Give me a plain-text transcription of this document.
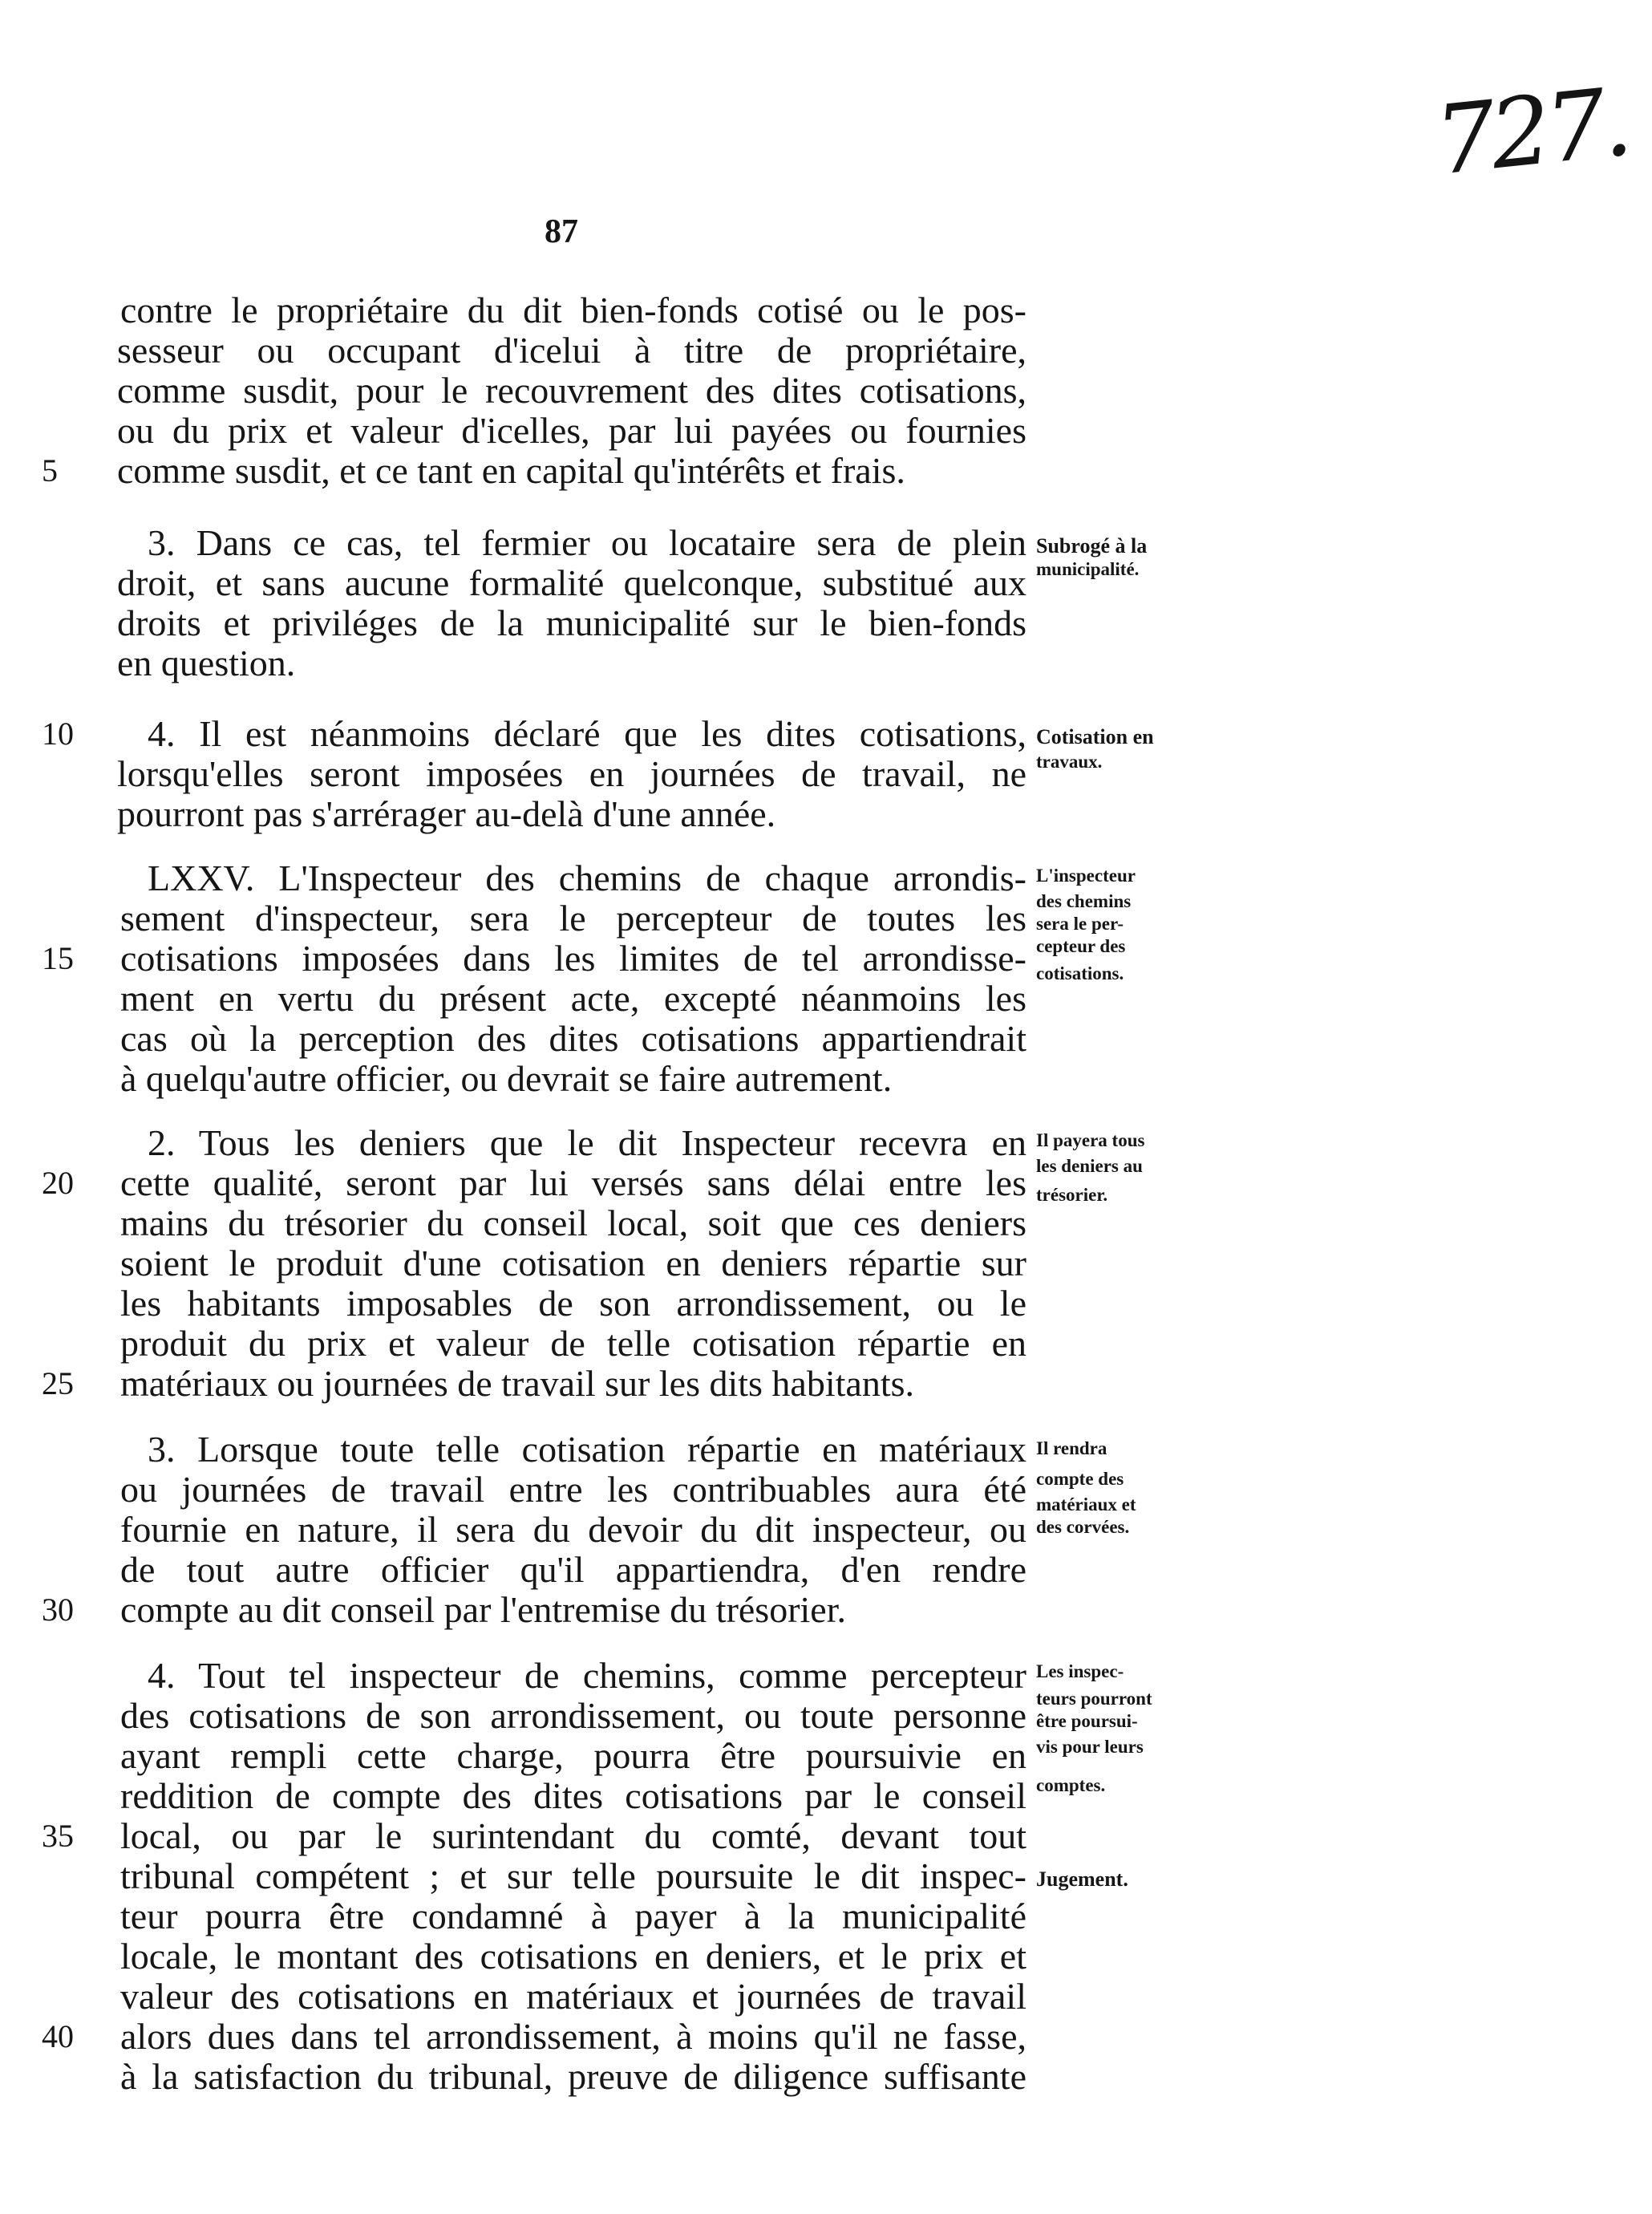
727.
87
contre le propriétaire du dit bien-fonds cotisé ou le pos-
sesseur ou occupant d'icelui à titre de propriétaire,
comme susdit, pour le recouvrement des dites cotisations,
ou du prix et valeur d'icelles, par lui payées ou fournies
comme susdit, et ce tant en capital qu'intérêts et frais.
3. Dans ce cas, tel fermier ou locataire sera de plein
droit, et sans aucune formalité quelconque, substitué aux
droits et priviléges de la municipalité sur le bien-fonds
en question.
4. Il est néanmoins déclaré que les dites cotisations,
lorsqu'elles seront imposées en journées de travail, ne
pourront pas s'arrérager au-delà d'une année.
LXXV. L'Inspecteur des chemins de chaque arrondis-
sement d'inspecteur, sera le percepteur de toutes les
cotisations imposées dans les limites de tel arrondisse-
ment en vertu du présent acte, excepté néanmoins les
cas où la perception des dites cotisations appartiendrait
à quelqu'autre officier, ou devrait se faire autrement.
2. Tous les deniers que le dit Inspecteur recevra en
cette qualité, seront par lui versés sans délai entre les
mains du trésorier du conseil local, soit que ces deniers
soient le produit d'une cotisation en deniers répartie sur
les habitants imposables de son arrondissement, ou le
produit du prix et valeur de telle cotisation répartie en
matériaux ou journées de travail sur les dits habitants.
3. Lorsque toute telle cotisation répartie en matériaux
ou journées de travail entre les contribuables aura été
fournie en nature, il sera du devoir du dit inspecteur, ou
de tout autre officier qu'il appartiendra, d'en rendre
compte au dit conseil par l'entremise du trésorier.
4. Tout tel inspecteur de chemins, comme percepteur
des cotisations de son arrondissement, ou toute personne
ayant rempli cette charge, pourra être poursuivie en
reddition de compte des dites cotisations par le conseil
local, ou par le surintendant du comté, devant tout
tribunal compétent ; et sur telle poursuite le dit inspec-
teur pourra être condamné à payer à la municipalité
locale, le montant des cotisations en deniers, et le prix et
valeur des cotisations en matériaux et journées de travail
alors dues dans tel arrondissement, à moins qu'il ne fasse,
à la satisfaction du tribunal, preuve de diligence suffisante
5
10
15
20
25
30
35
40
Subrogé à la
municipalité.
Cotisation en
travaux.
L'inspecteur
des chemins
sera le per-
cepteur des
cotisations.
Il payera tous
les deniers au
trésorier.
Il rendra
compte des
matériaux et
des corvées.
Les inspec-
teurs pourront
être poursui-
vis pour leurs
comptes.
Jugement.
